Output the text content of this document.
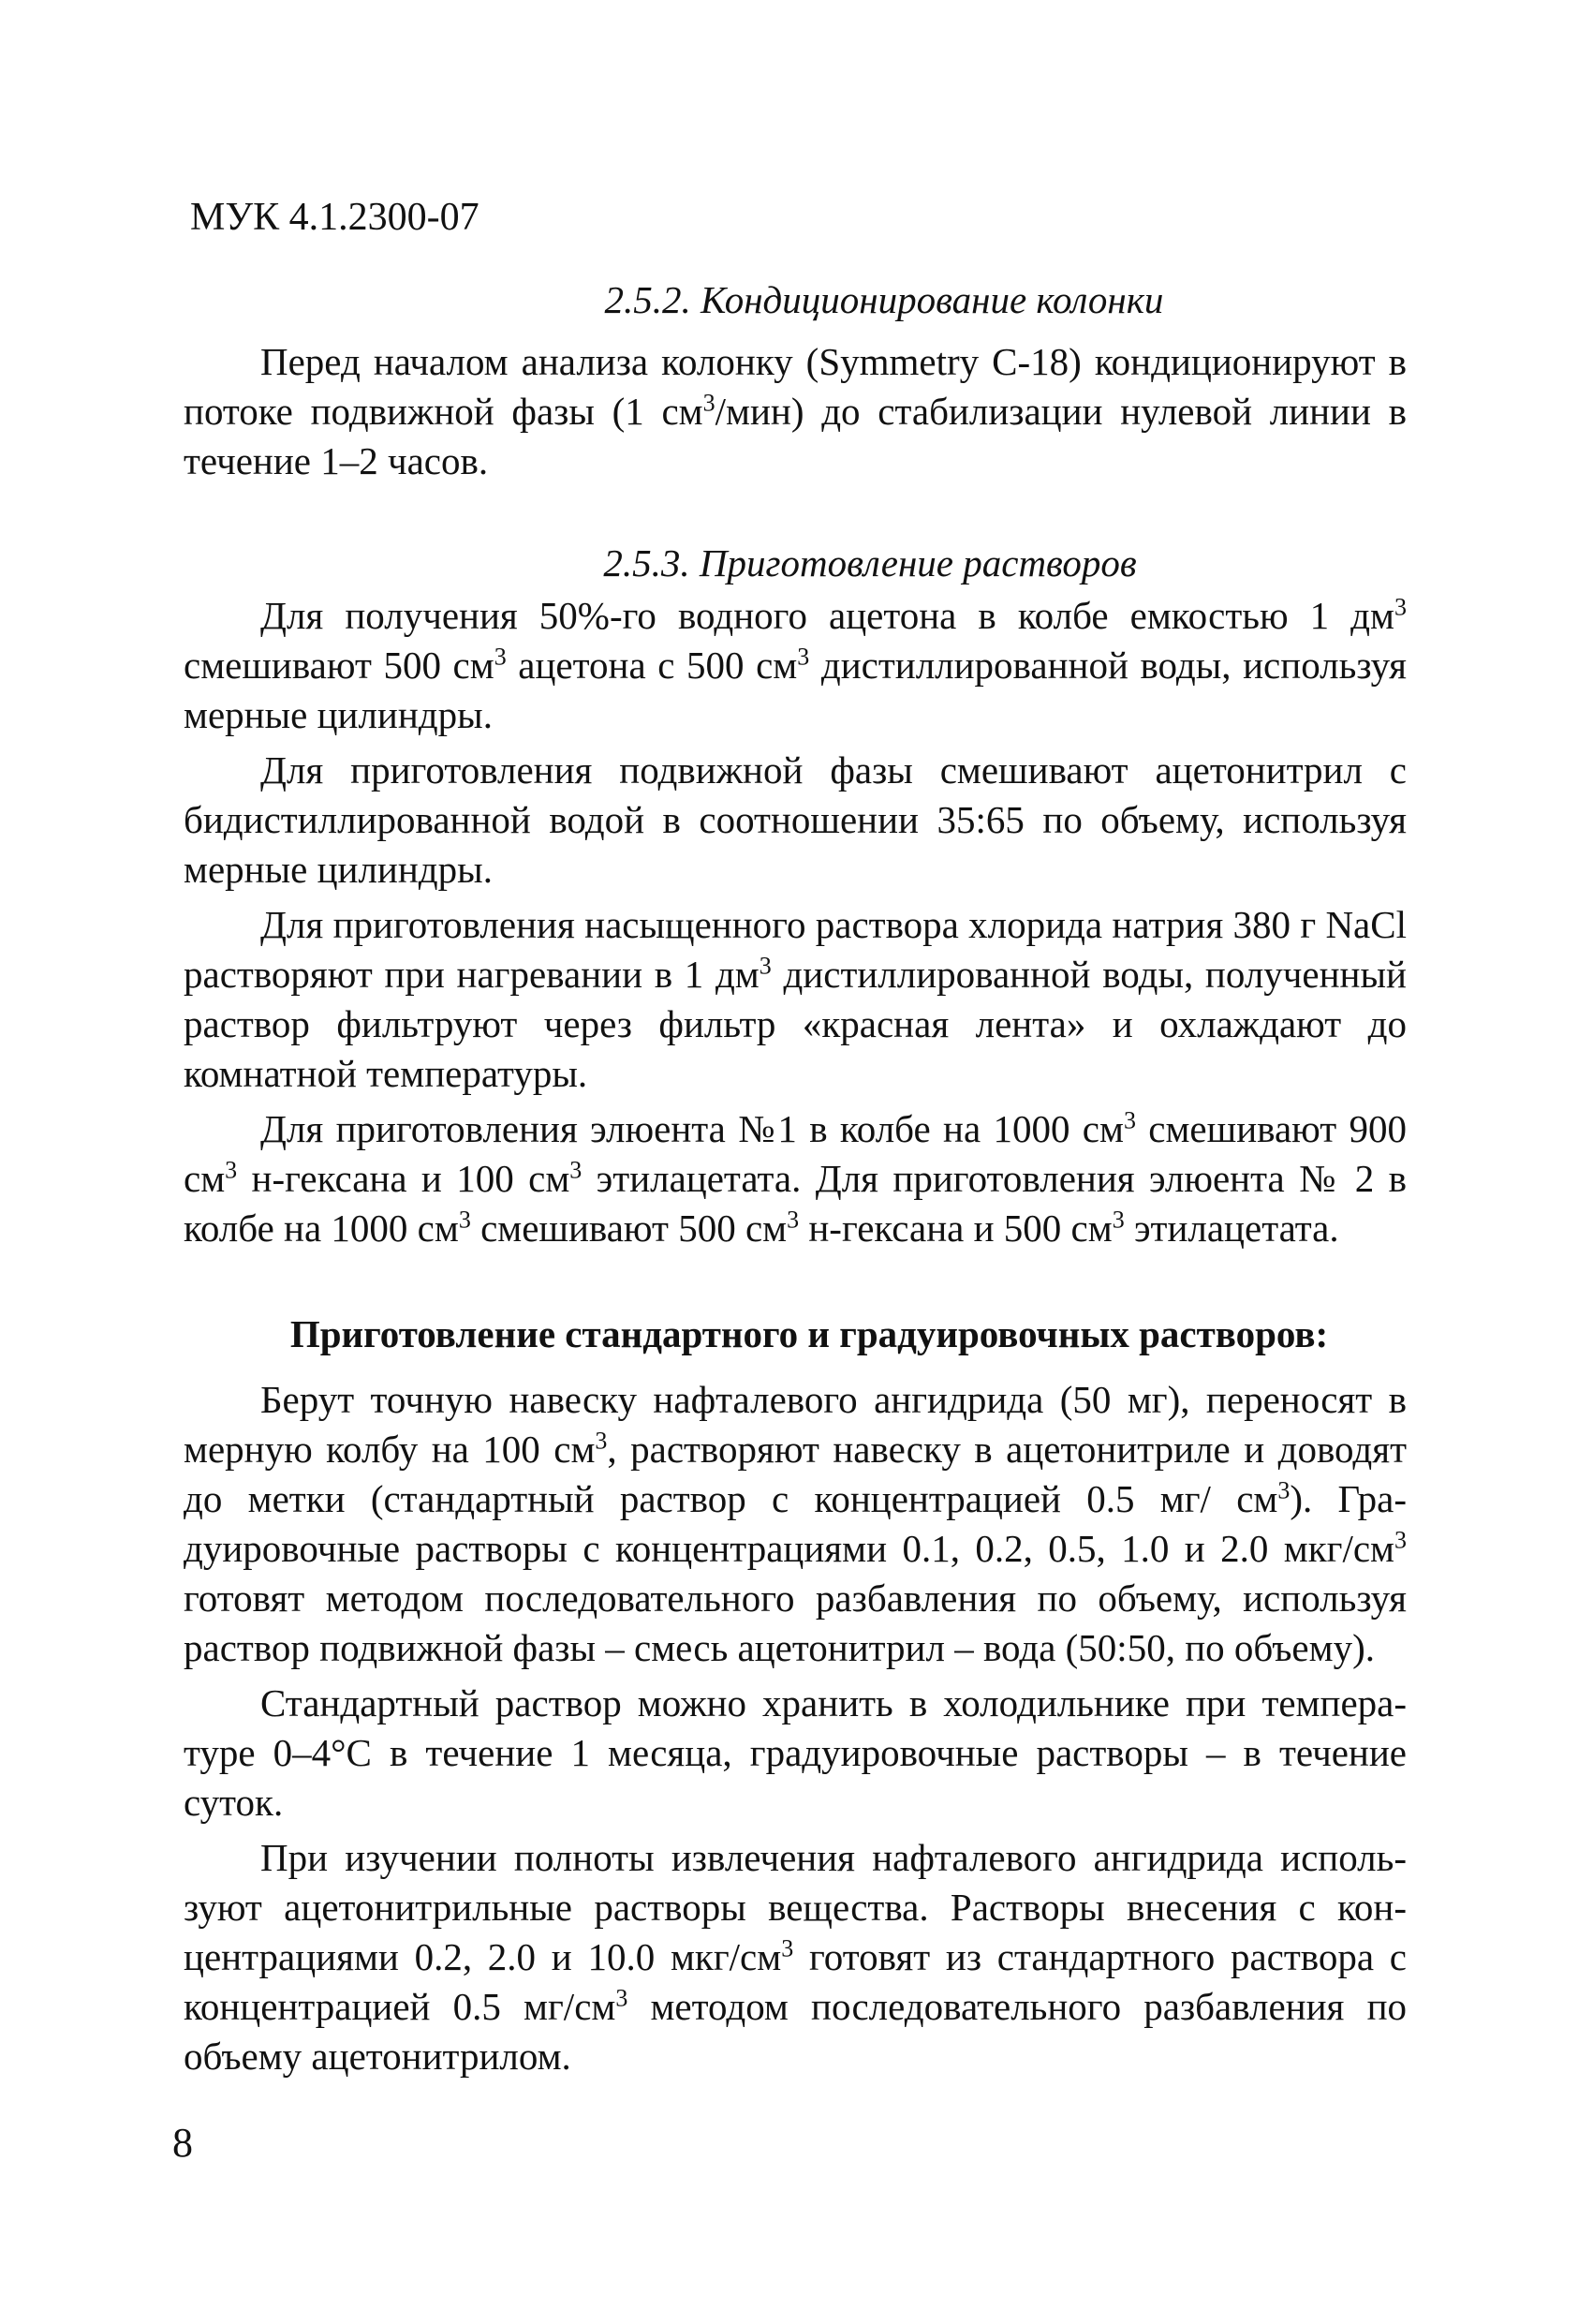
МУК 4.1.2300-07
2.5.2. Кондиционирование колонки

Перед началом анализа колонку (Symmetry С-18) кондиционируют в потоке подвижной фазы (1 $см^3/мин$) до стабилизации нулевой линии в течение 1–2 часов.

2.5.3. Приготовление растворов

Для получения 50%-го водного ацетона в колбе емкостью 1 $дм^3$ смешивают 500 $см^3$ ацетона с 500 $см^3$ дистиллированной воды, используя мерные цилиндры.

Для приготовления подвижной фазы смешивают ацетонитрил с бидистиллированной водой в соотношении 35:65 по объему, используя мерные цилиндры.

Для приготовления насыщенного раствора хлорида натрия 380 г NaCl растворяют при нагревании в 1 $дм^3$ дистиллированной воды, полученный раствор фильтруют через фильтр «красная лента» и охлаждают до комнатной температуры.

Для приготовления элюента №1 в колбе на 1000 $см^3$ смешивают 900 $см^3$ н-гексана и 100 $см^3$ этилацетата. Для приготовления элюента № 2 в колбе на 1000 $см^3$ смешивают 500 $см^3$ н-гексана и 500 $см^3$ этилацетата.

Приготовление стандартного и градуировочных растворов:

Берут точную навеску нафталевого ангидрида (50 мг), переносят в мерную колбу на 100 $см^3$, растворяют навеску в ацетонитриле и доводят до метки (стандартный раствор с концентрацией 0.5 мг/ $см^3$). Градуировочные растворы с концентрациями 0.1, 0.2, 0.5, 1.0 и 2.0 мкг/$см^3$ готовят методом последовательного разбавления по объему, используя раствор подвижной фазы – смесь ацетонитрил – вода (50:50, по объему).

Стандартный раствор можно хранить в холодильнике при температуре 0–4°С в течение 1 месяца, градуировочные растворы – в течение суток.

При изучении полноты извлечения нафталевого ангидрида используют ацетонитрильные растворы вещества. Растворы внесения с концентрациями 0.2, 2.0 и 10.0 мкг/$см^3$ готовят из стандартного раствора с концентрацией 0.5 $мг/см^3$ методом последовательного разбавления по объему ацетонитрилом.

8
